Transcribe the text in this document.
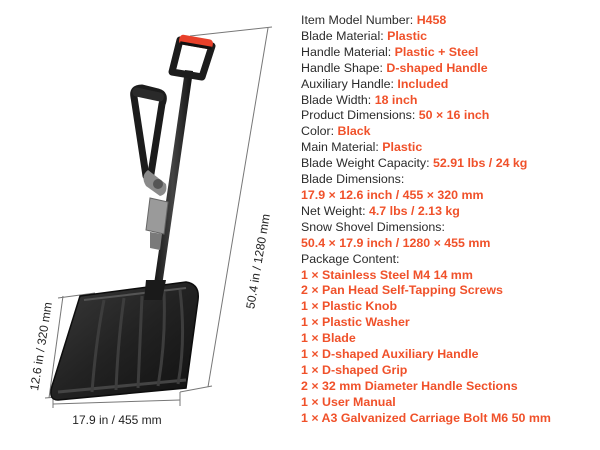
50.4 in / 1280 mm
12.6 in / 320 mm
17.9 in / 455 mm
Item Model Number: H458
Blade Material: Plastic
Handle Material: Plastic + Steel
Handle Shape: D-shaped Handle
Auxiliary Handle: Included
Blade Width: 18 inch
Product Dimensions: 50 × 16 inch
Color: Black
Main Material: Plastic
Blade Weight Capacity: 52.91 lbs / 24 kg
Blade Dimensions:
17.9 × 12.6 inch / 455 × 320 mm
Net Weight: 4.7 lbs / 2.13 kg
Snow Shovel Dimensions:
50.4 × 17.9 inch / 1280 × 455 mm
Package Content:
1 × Stainless Steel M4 14 mm
2 × Pan Head Self-Tapping Screws
1 × Plastic Knob
1 × Plastic Washer
1 × Blade
1 × D-shaped Auxiliary Handle
1 × D-shaped Grip
2 × 32 mm Diameter Handle Sections
1 × User Manual
1 × A3 Galvanized Carriage Bolt M6 50 mm
